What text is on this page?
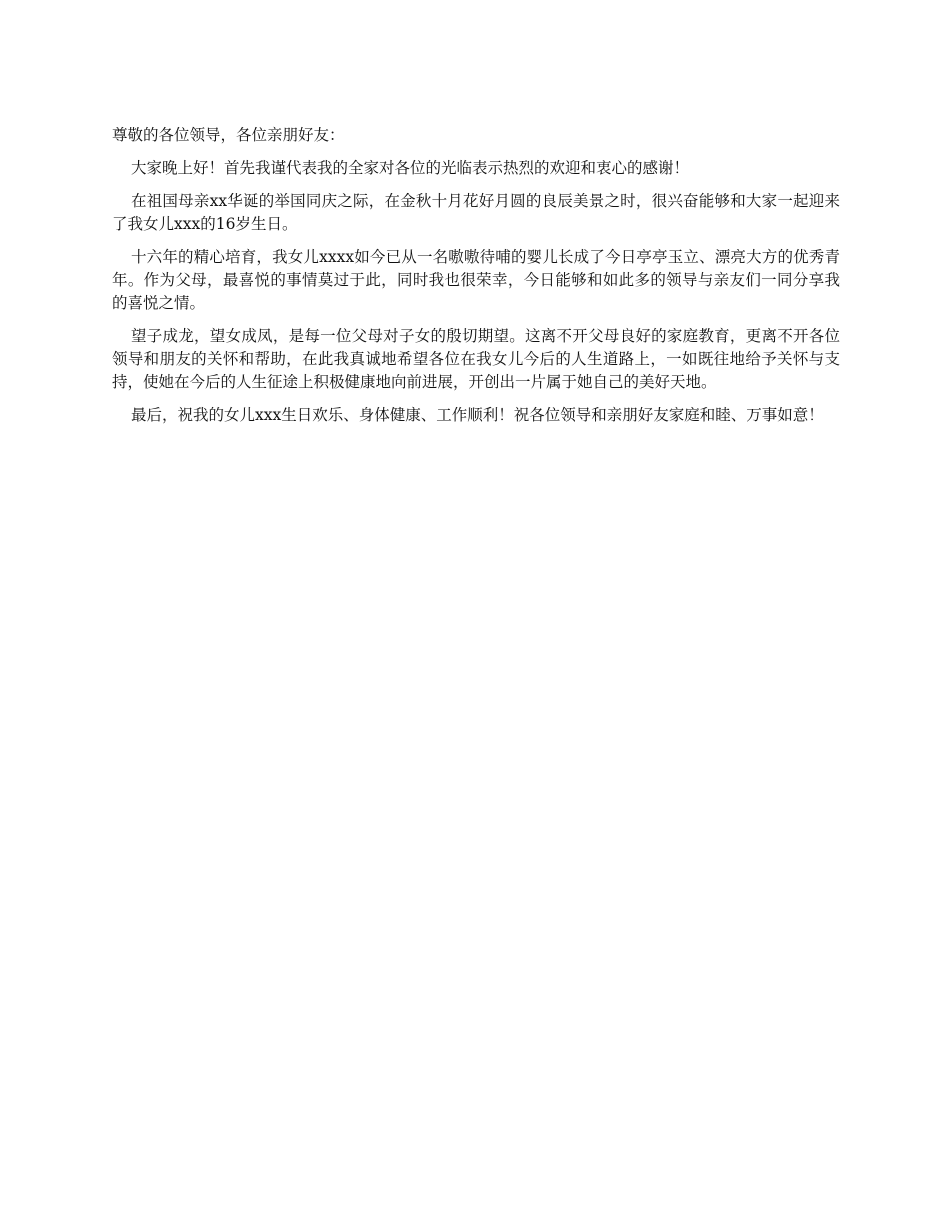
尊敬的各位领导，各位亲朋好友：

大家晚上好！首先我谨代表我的全家对各位的光临表示热烈的欢迎和衷心的感谢！

在祖国母亲xx华诞的举国同庆之际，在金秋十月花好月圆的良辰美景之时，很兴奋能够和大家一起迎来了我女儿xxx的16岁生日。

十六年的精心培育，我女儿xxxx如今已从一名嗷嗷待哺的婴儿长成了今日亭亭玉立、漂亮大方的优秀青年。作为父母，最喜悦的事情莫过于此，同时我也很荣幸，今日能够和如此多的领导与亲友们一同分享我的喜悦之情。

望子成龙，望女成凤，是每一位父母对子女的殷切期望。这离不开父母良好的家庭教育，更离不开各位领导和朋友的关怀和帮助，在此我真诚地希望各位在我女儿今后的人生道路上，一如既往地给予关怀与支持，使她在今后的人生征途上积极健康地向前进展，开创出一片属于她自己的美好天地。

最后，祝我的女儿xxx生日欢乐、身体健康、工作顺利！祝各位领导和亲朋好友家庭和睦、万事如意！
